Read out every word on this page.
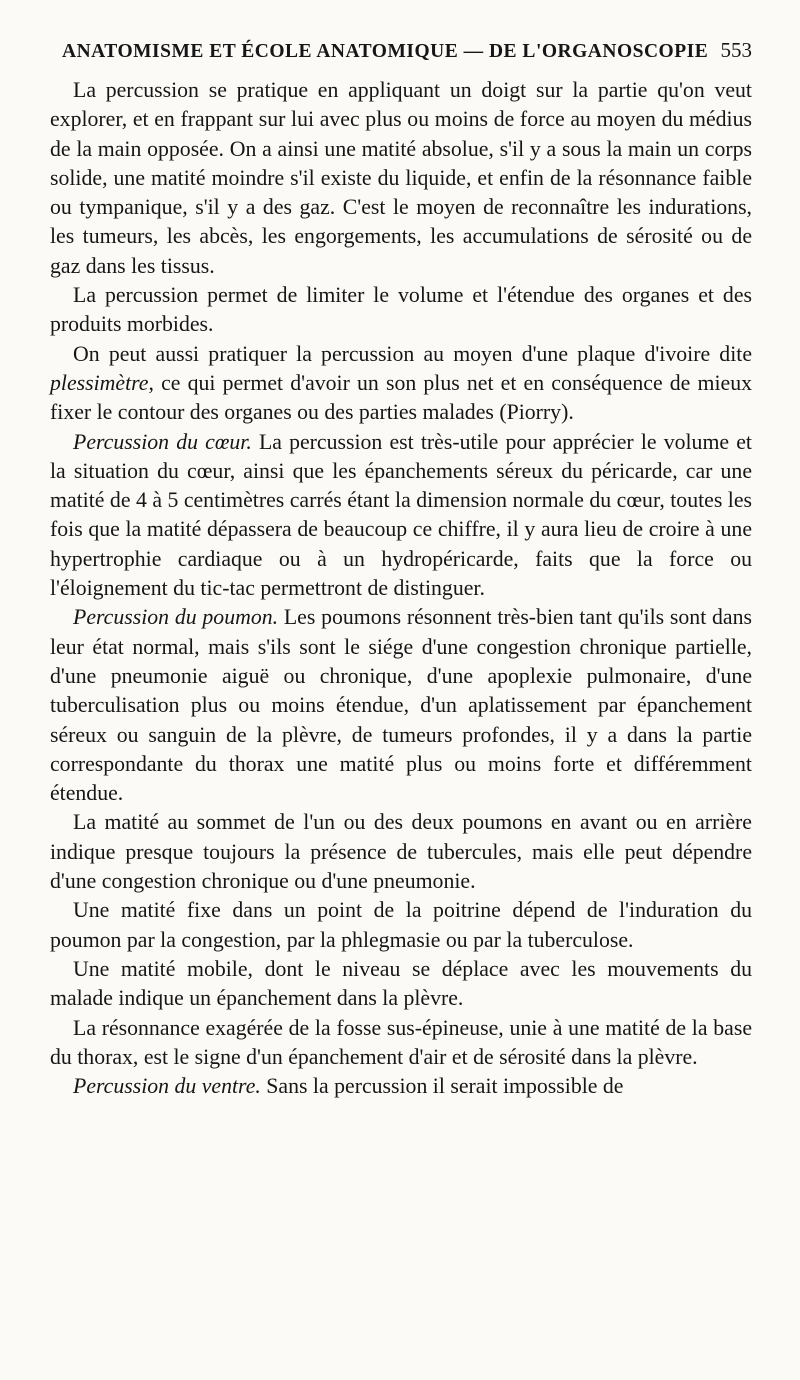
ANATOMISME ET ÉCOLE ANATOMIQUE — DE L'ORGANOSCOPIE 553

La percussion se pratique en appliquant un doigt sur la partie qu'on veut explorer, et en frappant sur lui avec plus ou moins de force au moyen du médius de la main opposée. On a ainsi une matité absolue, s'il y a sous la main un corps solide, une matité moindre s'il existe du liquide, et enfin de la résonnance faible ou tympanique, s'il y a des gaz. C'est le moyen de reconnaître les indurations, les tumeurs, les abcès, les engorgements, les accumulations de sérosité ou de gaz dans les tissus.

La percussion permet de limiter le volume et l'étendue des organes et des produits morbides.

On peut aussi pratiquer la percussion au moyen d'une plaque d'ivoire dite plessimètre, ce qui permet d'avoir un son plus net et en conséquence de mieux fixer le contour des organes ou des parties malades (Piorry).

Percussion du cœur. La percussion est très-utile pour apprécier le volume et la situation du cœur, ainsi que les épanchements séreux du péricarde, car une matité de 4 à 5 centimètres carrés étant la dimension normale du cœur, toutes les fois que la matité dépassera de beaucoup ce chiffre, il y aura lieu de croire à une hypertrophie cardiaque ou à un hydropéricarde, faits que la force ou l'éloignement du tic-tac permettront de distinguer.

Percussion du poumon. Les poumons résonnent très-bien tant qu'ils sont dans leur état normal, mais s'ils sont le siége d'une congestion chronique partielle, d'une pneumonie aiguë ou chronique, d'une apoplexie pulmonaire, d'une tuberculisation plus ou moins étendue, d'un aplatissement par épanchement séreux ou sanguin de la plèvre, de tumeurs profondes, il y a dans la partie correspondante du thorax une matité plus ou moins forte et différemment étendue.

La matité au sommet de l'un ou des deux poumons en avant ou en arrière indique presque toujours la présence de tubercules, mais elle peut dépendre d'une congestion chronique ou d'une pneumonie.

Une matité fixe dans un point de la poitrine dépend de l'induration du poumon par la congestion, par la phlegmasie ou par la tuberculose.

Une matité mobile, dont le niveau se déplace avec les mouvements du malade indique un épanchement dans la plèvre.

La résonnance exagérée de la fosse sus-épineuse, unie à une matité de la base du thorax, est le signe d'un épanchement d'air et de sérosité dans la plèvre.

Percussion du ventre. Sans la percussion il serait impossible de
